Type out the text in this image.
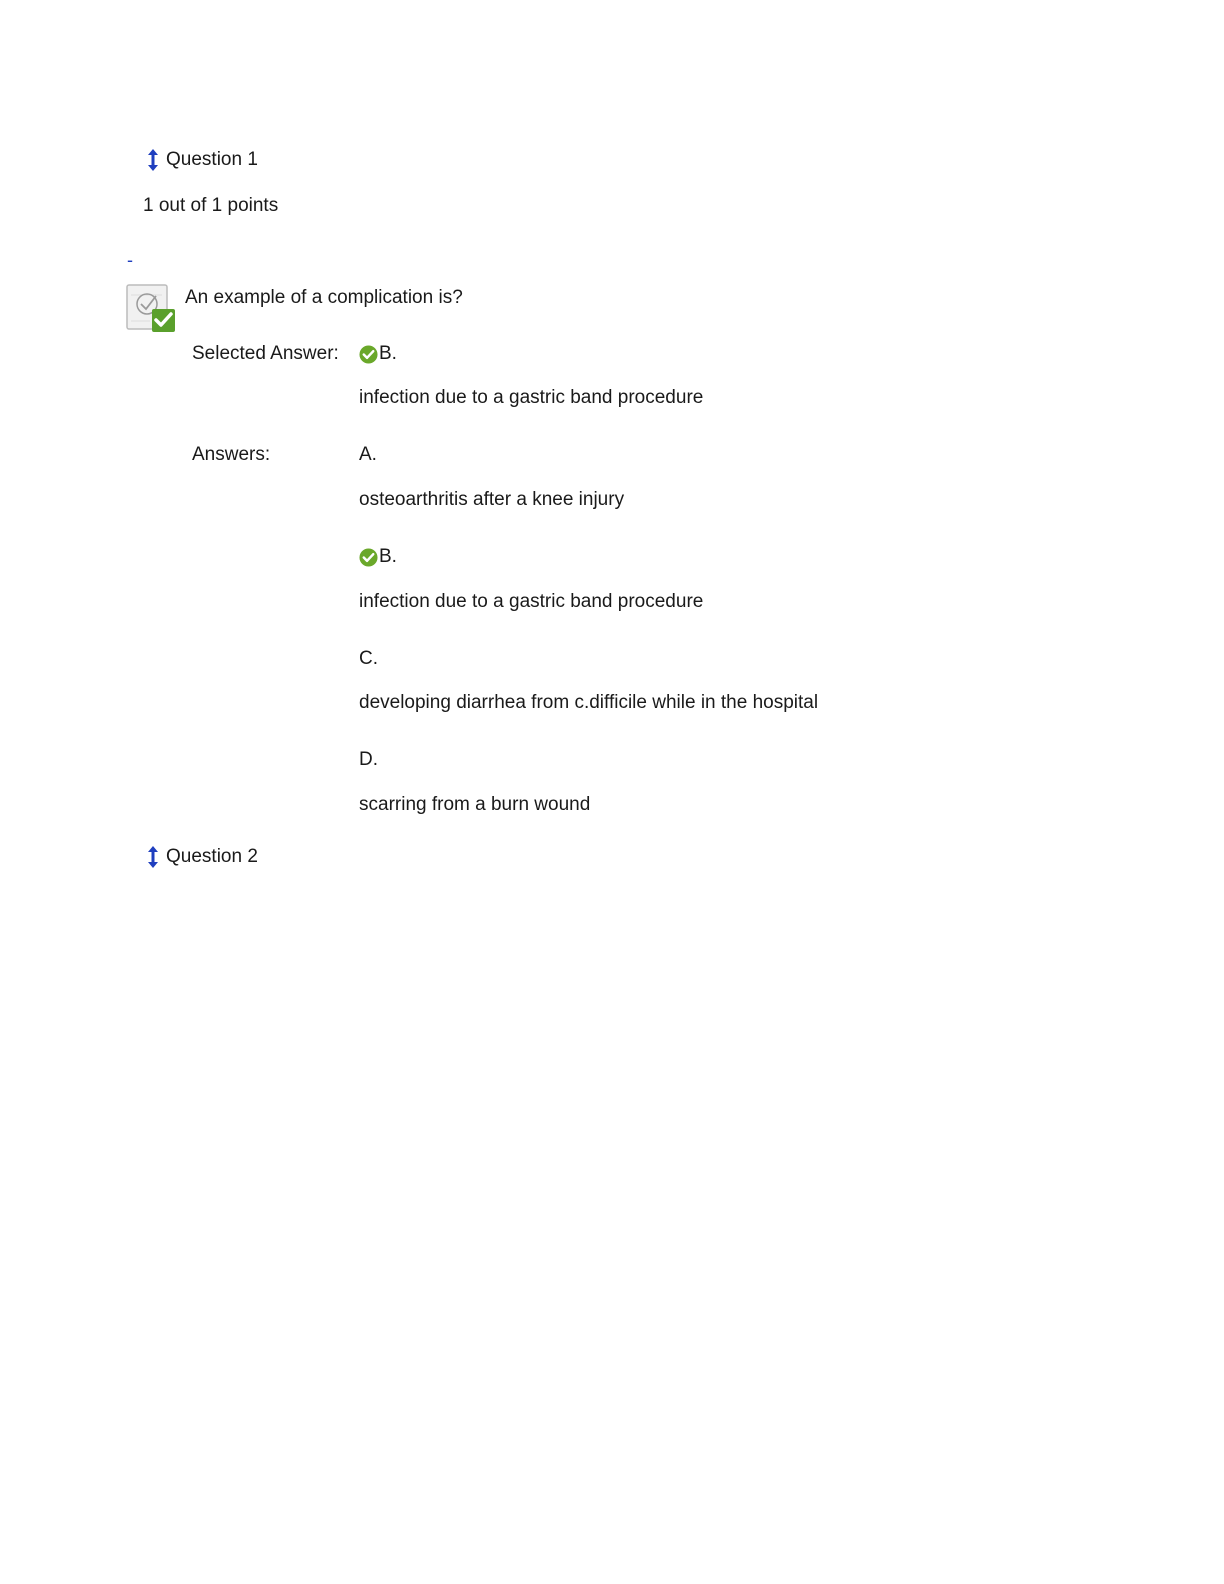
Question 1
1 out of 1 points
-
An example of a complication is?
Selected Answer: B.
infection due to a gastric band procedure
Answers:	A.
osteoarthritis after a knee injury
B.
infection due to a gastric band procedure
C.
developing diarrhea from c.difficile while in the hospital
D.
scarring from a burn wound
Question 2
